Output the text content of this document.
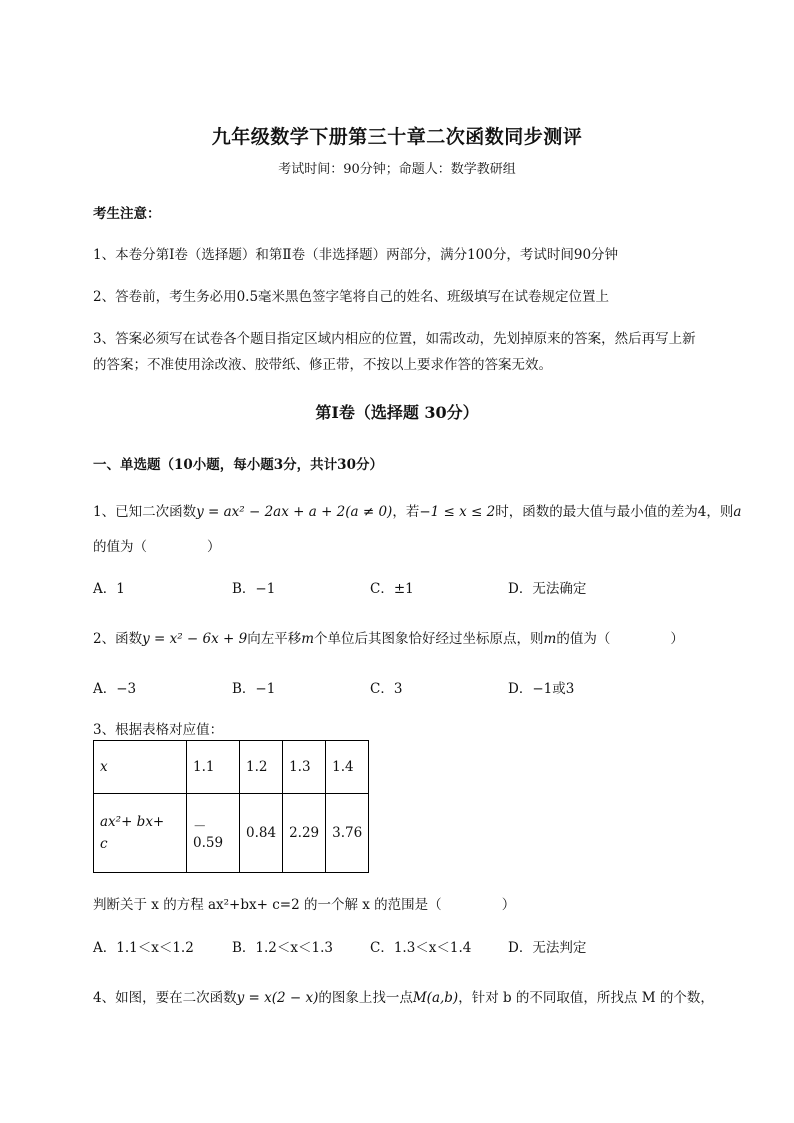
九年级数学下册第三十章二次函数同步测评
考试时间：90分钟；命题人：数学教研组
考生注意：
1、本卷分第Ⅰ卷（选择题）和第Ⅱ卷（非选择题）两部分，满分100分，考试时间90分钟
2、答卷前，考生务必用0.5毫米黑色签字笔将自己的姓名、班级填写在试卷规定位置上
3、答案必须写在试卷各个题目指定区域内相应的位置，如需改动，先划掉原来的答案，然后再写上新
的答案；不准使用涂改液、胶带纸、修正带，不按以上要求作答的答案无效。
第Ⅰ卷（选择题 30分）
一、单选题（10小题，每小题3分，共计30分）
1、已知二次函数y = ax² − 2ax + a + 2(a ≠ 0)，若−1 ≤ x ≤ 2时，函数的最大值与最小值的差为4，则a
的值为（	）
A．1	B．−1	C．±1	D．无法确定
2、函数y = x² − 6x + 9向左平移m个单位后其图象恰好经过坐标原点，则m的值为（	）
A．−3	B．−1	C．3	D．−1或3
3、根据表格对应值：
x	1.1	1.2	1.3	1.4

ax²+ bx+
c	－0.59	0.84	2.29	3.76
判断关于 x 的方程 ax²+bx+ c=2 的一个解 x 的范围是（	）
A．1.1＜x＜1.2	B．1.2＜x＜1.3	C．1.3＜x＜1.4	D．无法判定
4、如图，要在二次函数y = x(2 − x)的图象上找一点M(a,b)，针对 b 的不同取值，所找点 M 的个数，
